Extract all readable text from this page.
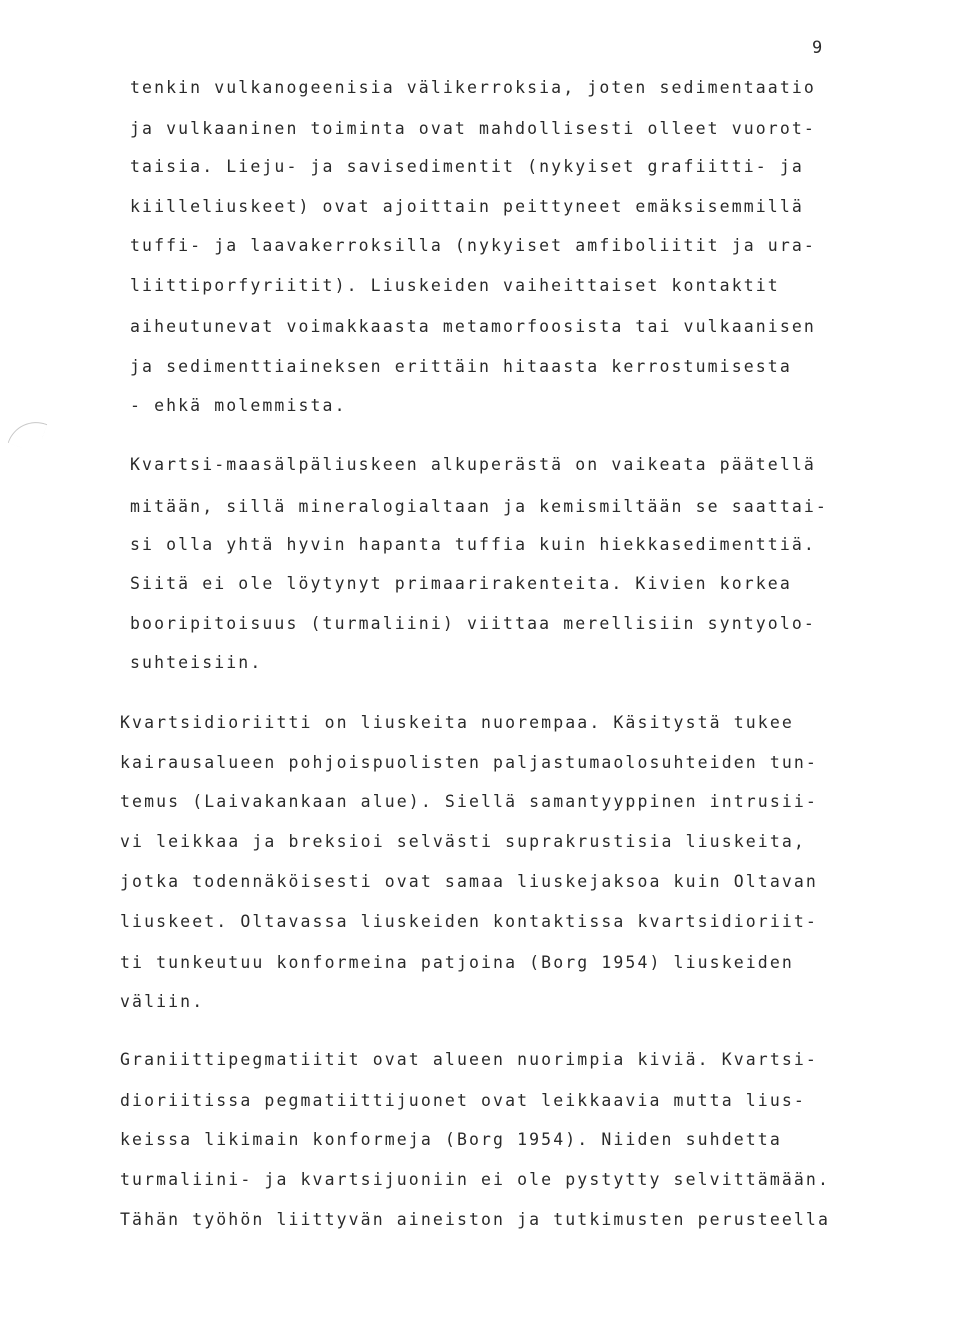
9
tenkin vulkanogeenisia välikerroksia, joten sedimentaatio
ja vulkaaninen toiminta ovat mahdollisesti olleet vuorot-
taisia. Lieju- ja savisedimentit (nykyiset grafiitti- ja
kiilleliuskeet) ovat ajoittain peittyneet emäksisemmillä
tuffi- ja laavakerroksilla (nykyiset amfiboliitit ja ura-
liittiporfyriitit). Liuskeiden vaiheittaiset kontaktit
aiheutunevat voimakkaasta metamorfoosista tai vulkaanisen
ja sedimenttiaineksen erittäin hitaasta kerrostumisesta
- ehkä molemmista.
Kvartsi-maasälpäliuskeen alkuperästä on vaikeata päätellä
mitään, sillä mineralogialtaan ja kemismiltään se saattai-
si olla yhtä hyvin hapanta tuffia kuin hiekkasedimenttiä.
Siitä ei ole löytynyt primaarirakenteita. Kivien korkea
booripitoisuus (turmaliini) viittaa merellisiin syntyolo-
suhteisiin.
Kvartsidioriitti on liuskeita nuorempaa. Käsitystä tukee
kairausalueen pohjoispuolisten paljastumaolosuhteiden tun-
temus (Laivakankaan alue). Siellä samantyyppinen intrusii-
vi leikkaa ja breksioi selvästi suprakrustisia liuskeita,
jotka todennäköisesti ovat samaa liuskejaksoa kuin Oltavan
liuskeet. Oltavassa liuskeiden kontaktissa kvartsidioriit-
ti tunkeutuu konformeina patjoina (Borg 1954) liuskeiden
väliin.
Graniittipegmatiitit ovat alueen nuorimpia kiviä. Kvartsi-
dioriitissa pegmatiittijuonet ovat leikkaavia mutta lius-
keissa likimain konformeja (Borg 1954). Niiden suhdetta
turmaliini- ja kvartsijuoniin ei ole pystytty selvittämään.
Tähän työhön liittyvän aineiston ja tutkimusten perusteella
